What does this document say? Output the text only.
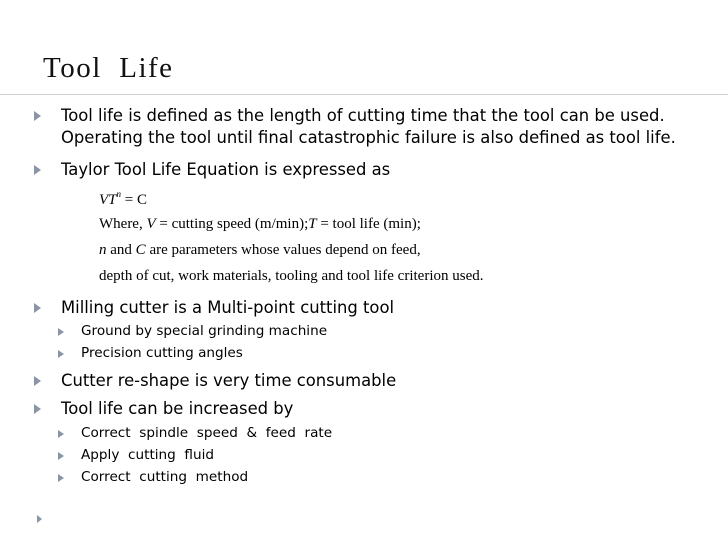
Tool  Life
Tool life is defined as the length of cutting time that the tool can be used.
Operating the tool until final catastrophic failure is also defined as tool life.
Taylor Tool Life Equation is expressed as
$VT^n = C$
Where, V = cutting speed (m/min);T = tool life (min);
n and C are parameters whose values depend on feed,
depth of cut, work materials, tooling and tool life criterion used.
Milling cutter is a Multi-point cutting tool
Ground by special grinding machine
Precision cutting angles
Cutter re-shape is very time consumable
Tool life can be increased by
Correct  spindle  speed  &  feed  rate
Apply  cutting  fluid
Correct  cutting  method
